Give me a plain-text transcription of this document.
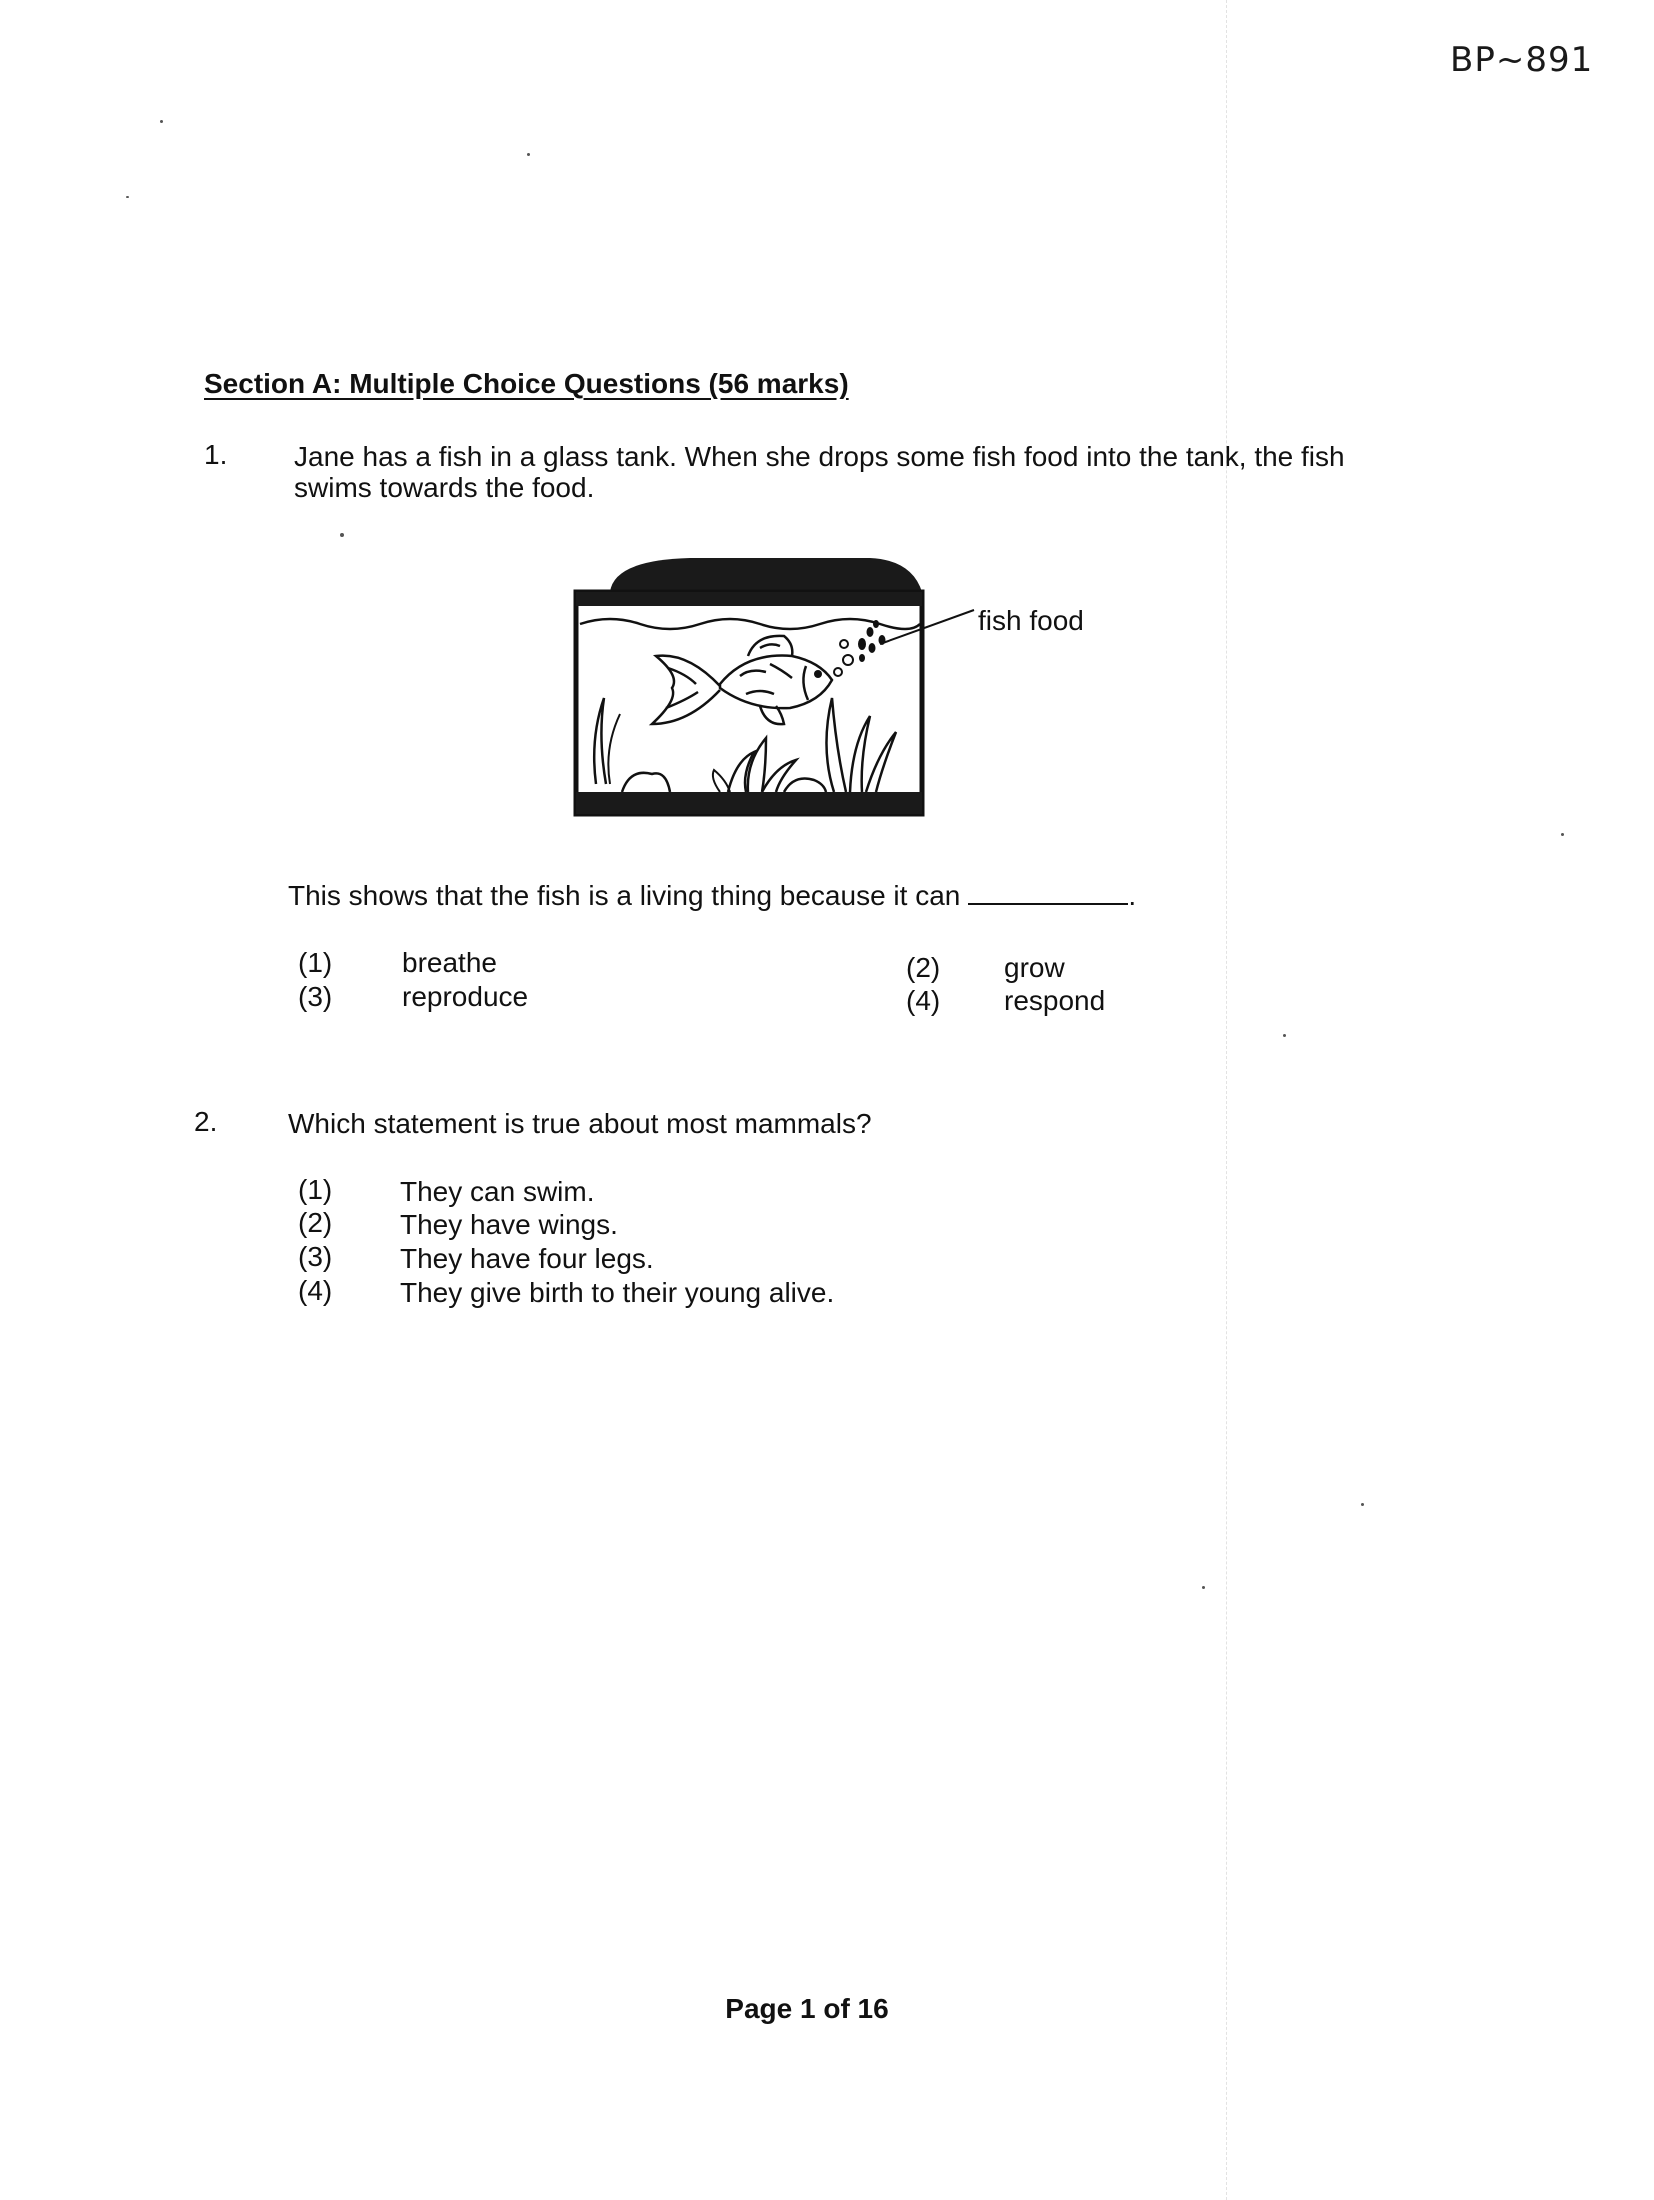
BP~891
Section A: Multiple Choice Questions (56 marks)
1. Jane has a fish in a glass tank. When she drops some fish food into the tank, the fish swims towards the food.
fish food
This shows that the fish is a living thing because it can	.
(1) breathe	(2) grow
(3) reproduce	(4) respond
2.	Which statement is true about most mammals?
(1) They can swim.
(2) They have wings.
(3) They have four legs.
(4) They give birth to their young alive.
Page 1 of 16
